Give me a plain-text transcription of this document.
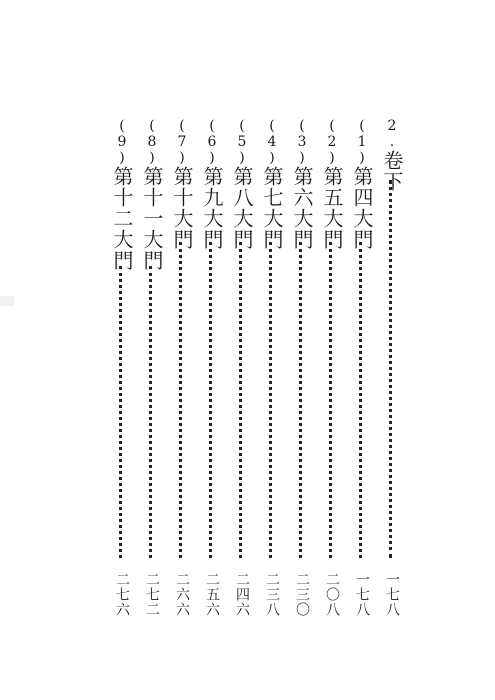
2.卷下
一七八
(1)第四大門
一七八
(2)第五大門
二〇八
(3)第六大門
二三〇
(4)第七大門
二三八
(5)第八大門
二四六
(6)第九大門
二五六
(7)第十大門
二六六
(8)第十一大門
二七二
(9)第十二大門
二七六
